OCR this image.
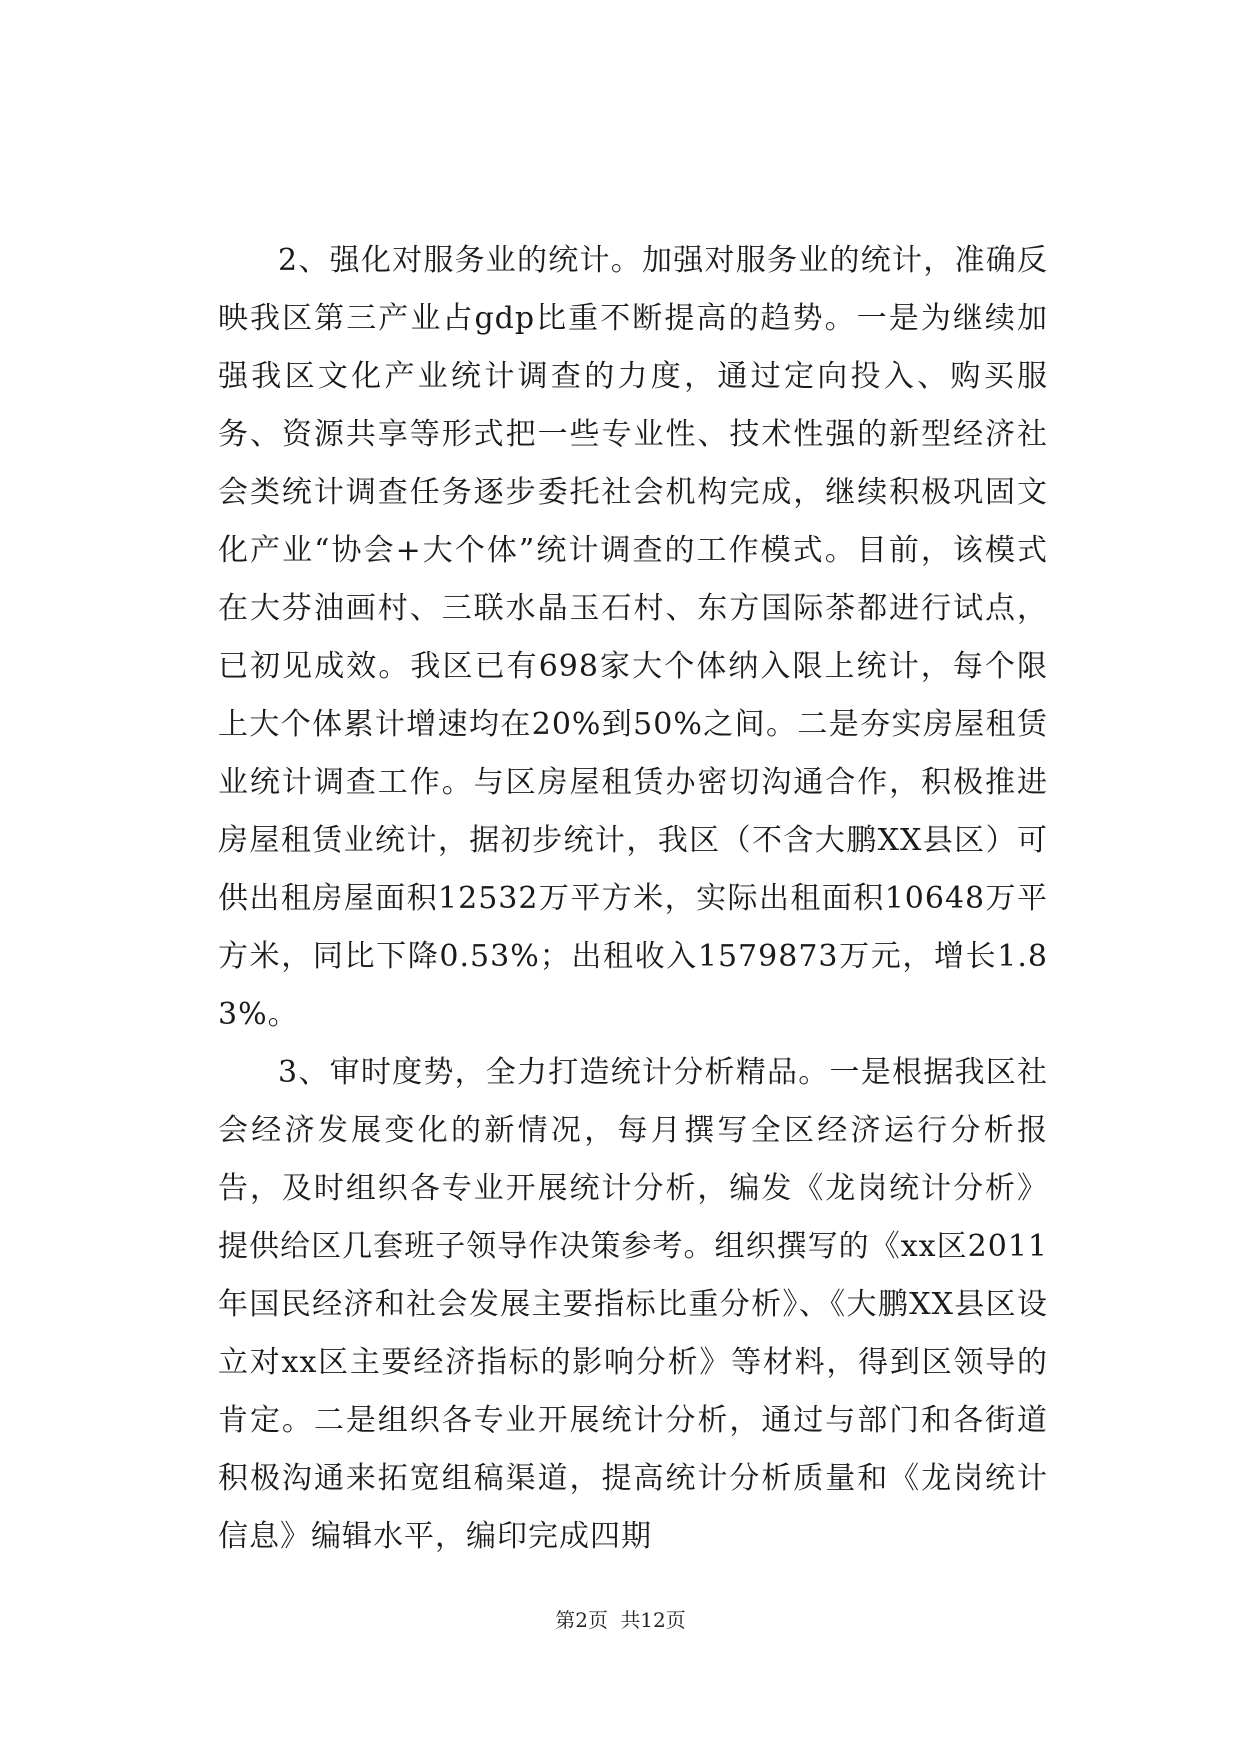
2、强化对服务业的统计。加强对服务业的统计，准确反映我区第三产业占gdp比重不断提高的趋势。一是为继续加强我区文化产业统计调查的力度，通过定向投入、购买服务、资源共享等形式把一些专业性、技术性强的新型经济社会类统计调查任务逐步委托社会机构完成，继续积极巩固文化产业“协会+大个体”统计调查的工作模式。目前，该模式在大芬油画村、三联水晶玉石村、东方国际茶都进行试点，已初见成效。我区已有698家大个体纳入限上统计，每个限上大个体累计增速均在20%到50%之间。二是夯实房屋租赁业统计调查工作。与区房屋租赁办密切沟通合作，积极推进房屋租赁业统计，据初步统计，我区（不含大鹏XX县区）可供出租房屋面积12532万平方米，实际出租面积10648万平方米，同比下降0.53%；出租收入1579873万元，增长1.83%。

3、审时度势，全力打造统计分析精品。一是根据我区社会经济发展变化的新情况，每月撰写全区经济运行分析报告，及时组织各专业开展统计分析，编发《龙岗统计分析》提供给区几套班子领导作决策参考。组织撰写的《xx区2011年国民经济和社会发展主要指标比重分析》、《大鹏XX县区设立对xx区主要经济指标的影响分析》等材料，得到区领导的肯定。二是组织各专业开展统计分析，通过与部门和各街道积极沟通来拓宽组稿渠道，提高统计分析质量和《龙岗统计信息》编辑水平，编印完成四期

第2页 共12页
